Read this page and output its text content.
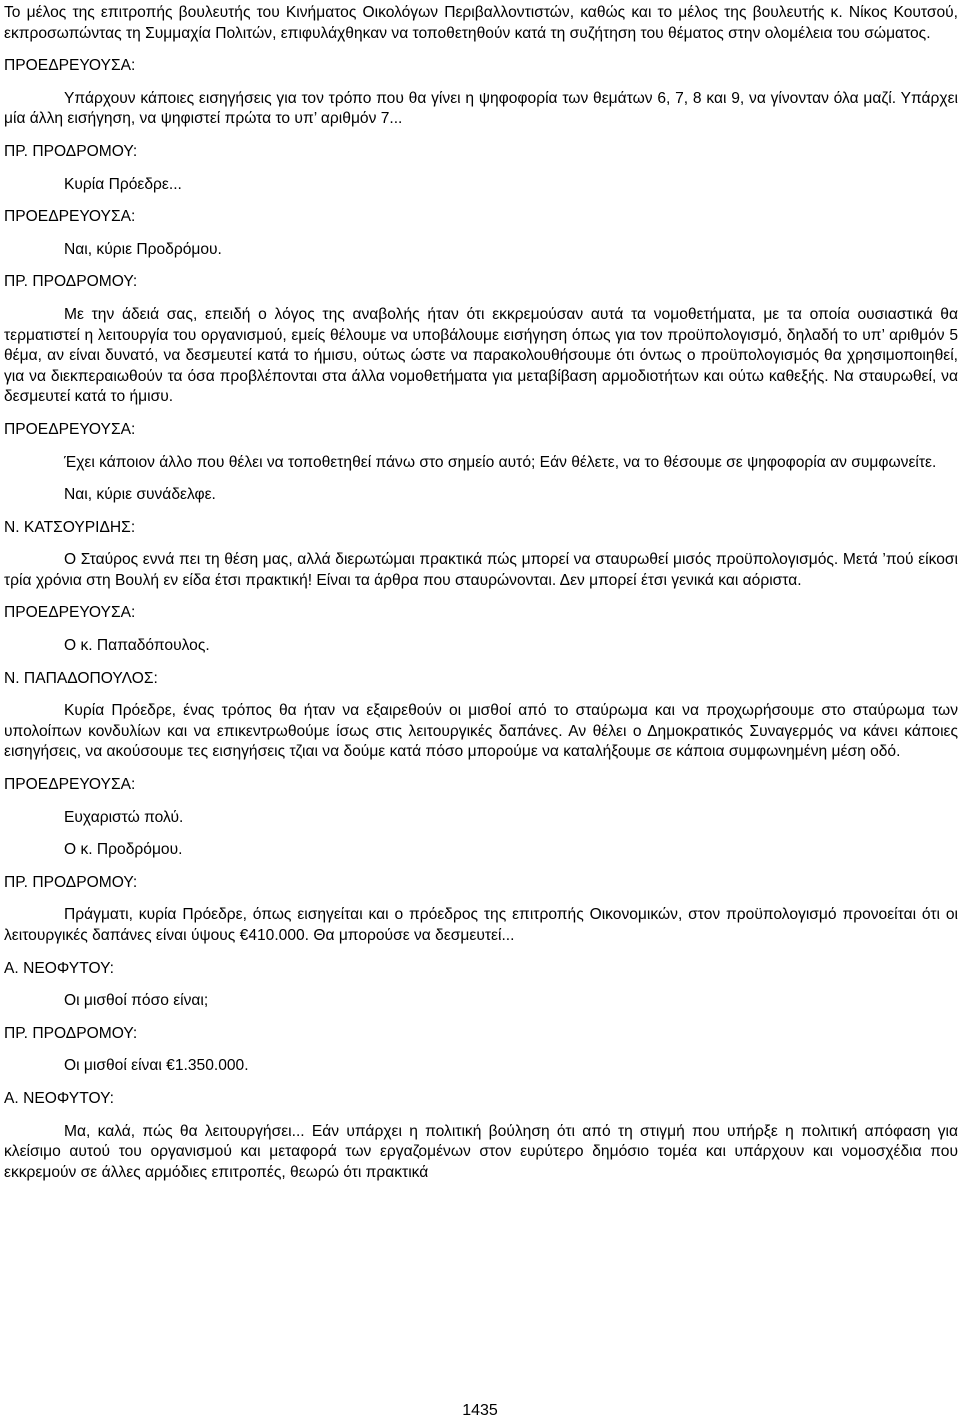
Το μέλος της επιτροπής βουλευτής του Κινήματος Οικολόγων Περιβαλλοντιστών, καθώς και το μέλος της βουλευτής κ. Νίκος Κουτσού, εκπροσωπώντας τη Συμμαχία Πολιτών, επιφυλάχθηκαν να τοποθετηθούν κατά τη συζήτηση του θέματος στην ολομέλεια του σώματος.

ΠΡΟΕΔΡΕΥΟΥΣΑ:

Υπάρχουν κάποιες εισηγήσεις για τον τρόπο που θα γίνει η ψηφοφορία των θεμάτων 6, 7, 8 και 9, να γίνονταν όλα μαζί. Υπάρχει μία άλλη εισήγηση, να ψηφιστεί πρώτα το υπ’ αριθμόν 7...

ΠΡ. ΠΡΟΔΡΟΜΟΥ:
Κυρία Πρόεδρε...
ΠΡΟΕΔΡΕΥΟΥΣΑ:
Ναι, κύριε Προδρόμου.
ΠΡ. ΠΡΟΔΡΟΜΟΥ:

Με την άδειά σας, επειδή ο λόγος της αναβολής ήταν ότι εκκρεμούσαν αυτά τα νομοθετήματα, με τα οποία ουσιαστικά θα τερματιστεί η λειτουργία του οργανισμού, εμείς θέλουμε να υποβάλουμε εισήγηση όπως για τον προϋπολογισμό, δηλαδή το υπ’ αριθμόν 5 θέμα, αν είναι δυνατό, να δεσμευτεί κατά το ήμισυ, ούτως ώστε να παρακολουθήσουμε ότι όντως ο προϋπολογισμός θα χρησιμοποιηθεί, για να διεκπεραιωθούν τα όσα προβλέπονται στα άλλα νομοθετήματα για μεταβίβαση αρμοδιοτήτων και ούτω καθεξής. Να σταυρωθεί, να δεσμευτεί κατά το ήμισυ.

ΠΡΟΕΔΡΕΥΟΥΣΑ:

Έχει κάποιον άλλο που θέλει να τοποθετηθεί πάνω στο σημείο αυτό; Εάν θέλετε, να το θέσουμε σε ψηφοφορία αν συμφωνείτε.

Ναι, κύριε συνάδελφε.
Ν. ΚΑΤΣΟΥΡΙΔΗΣ:

Ο Σταύρος εννά πει τη θέση μας, αλλά διερωτώμαι πρακτικά πώς μπορεί να σταυρωθεί μισός προϋπολογισμός. Μετά ’πού είκοσι τρία χρόνια στη Βουλή εν είδα έτσι πρακτική! Είναι τα άρθρα που σταυρώνονται. Δεν μπορεί έτσι γενικά και αόριστα.

ΠΡΟΕΔΡΕΥΟΥΣΑ:
Ο κ. Παπαδόπουλος.
Ν. ΠΑΠΑΔΟΠΟΥΛΟΣ:

Κυρία Πρόεδρε, ένας τρόπος θα ήταν να εξαιρεθούν οι μισθοί από το σταύρωμα και να προχωρήσουμε στο σταύρωμα των υπολοίπων κονδυλίων και να επικεντρωθούμε ίσως στις λειτουργικές δαπάνες. Αν θέλει ο Δημοκρατικός Συναγερμός να κάνει κάποιες εισηγήσεις, να ακούσουμε τες εισηγήσεις τζιαι να δούμε κατά πόσο μπορούμε να καταλήξουμε σε κάποια συμφωνημένη μέση οδό.

ΠΡΟΕΔΡΕΥΟΥΣΑ:
Ευχαριστώ πολύ.
Ο κ. Προδρόμου.
ΠΡ. ΠΡΟΔΡΟΜΟΥ:

Πράγματι, κυρία Πρόεδρε, όπως εισηγείται και ο πρόεδρος της επιτροπής Οικονομικών, στον προϋπολογισμό προνοείται ότι οι λειτουργικές δαπάνες είναι ύψους €410.000. Θα μπορούσε να δεσμευτεί...

Α. ΝΕΟΦΥΤΟΥ:
Οι μισθοί πόσο είναι;
ΠΡ. ΠΡΟΔΡΟΜΟΥ:
Οι μισθοί είναι €1.350.000.
Α. ΝΕΟΦΥΤΟΥ:

Μα, καλά, πώς θα λειτουργήσει... Εάν υπάρχει η πολιτική βούληση ότι από τη στιγμή που υπήρξε η πολιτική απόφαση για κλείσιμο αυτού του οργανισμού και μεταφορά των εργαζομένων στον ευρύτερο δημόσιο τομέα και υπάρχουν και νομοσχέδια που εκκρεμούν σε άλλες αρμόδιες επιτροπές, θεωρώ ότι πρακτικά

1435
